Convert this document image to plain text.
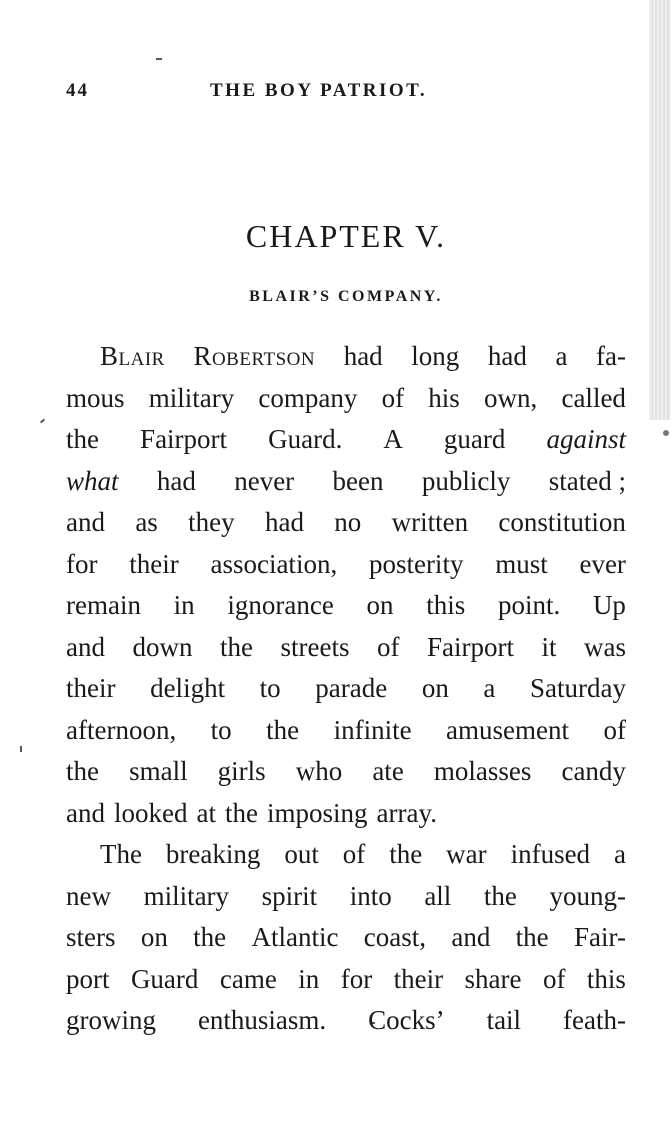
44	THE BOY PATRIOT.
CHAPTER V.
BLAIR’S COMPANY.
Blair Robertson had long had a fa-
mous military company of his own, called
the Fairport Guard. A guard against
what had never been publicly stated ;
and as they had no written constitution
for their association, posterity must ever
remain in ignorance on this point. Up
and down the streets of Fairport it was
their delight to parade on a Saturday
afternoon, to the infinite amusement of
the small girls who ate molasses candy
and looked at the imposing array.
The breaking out of the war infused a
new military spirit into all the young-
sters on the Atlantic coast, and the Fair-
port Guard came in for their share of this
growing enthusiasm. Cocks’ tail feath-
